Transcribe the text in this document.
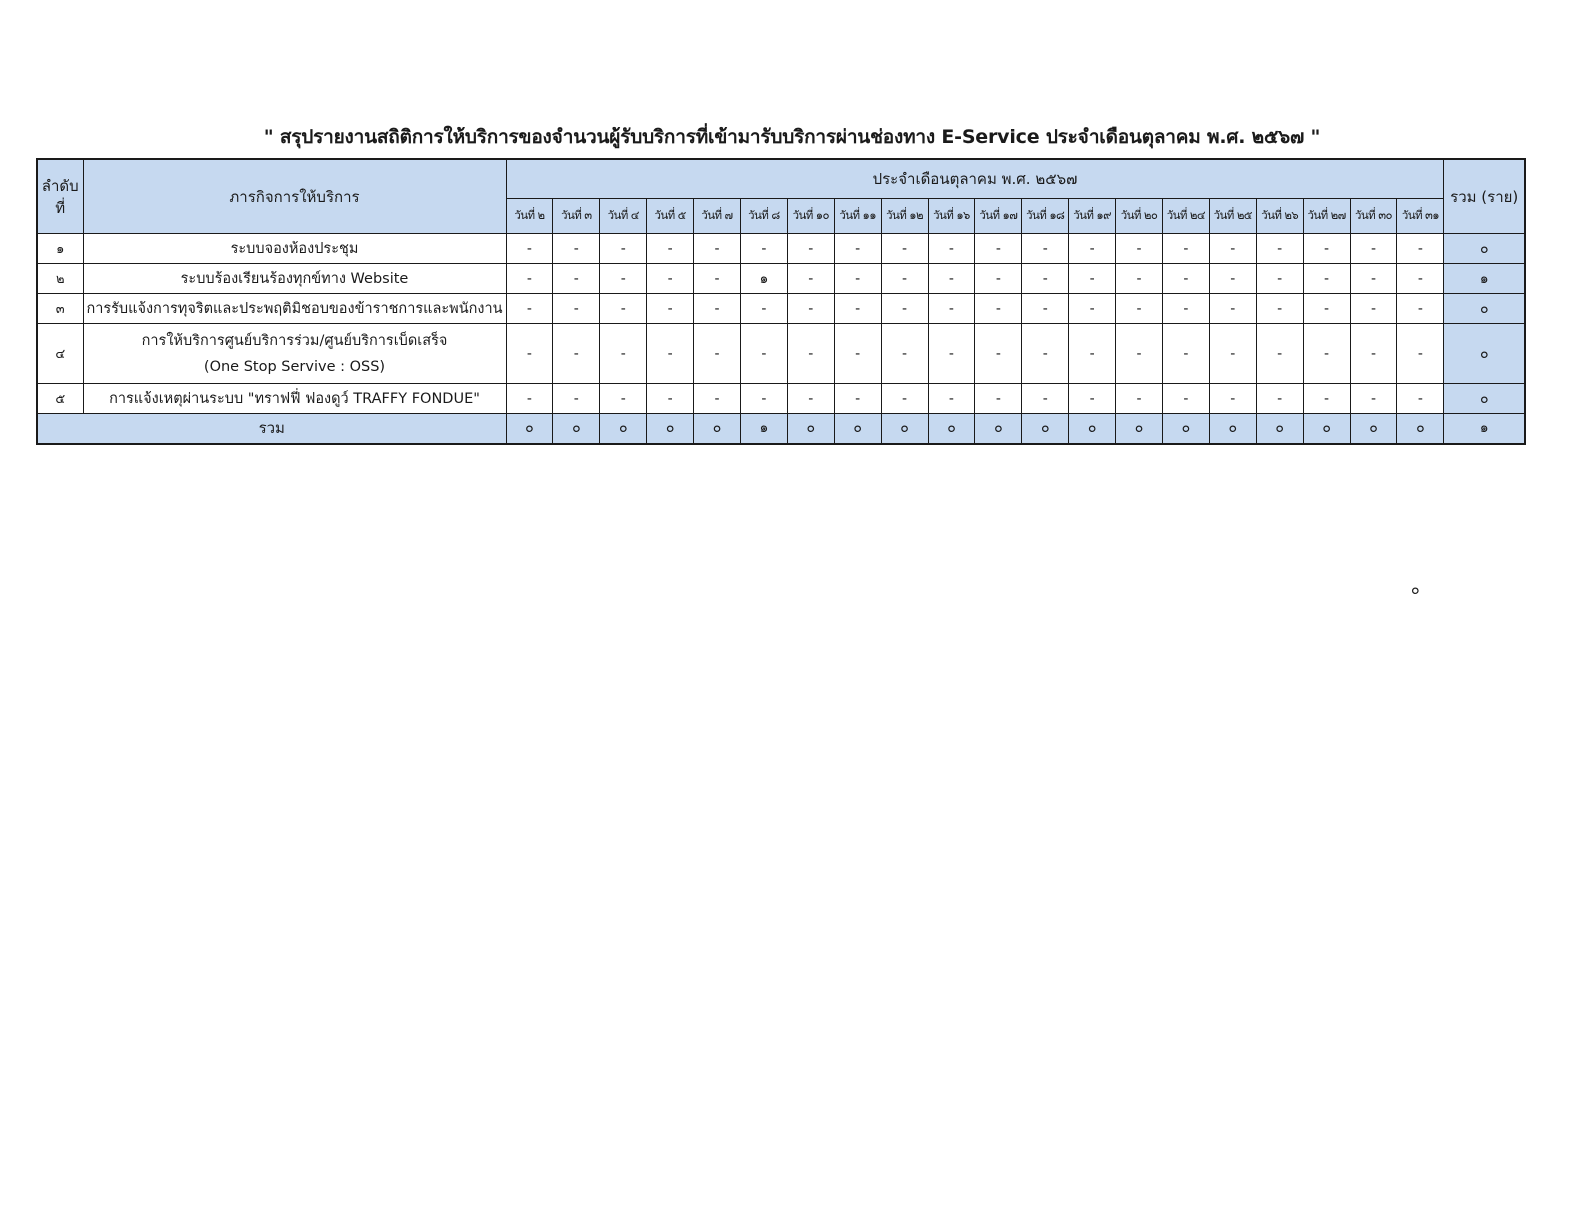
" สรุปรายงานสถิติการให้บริการของจำนวนผู้รับบริการที่เข้ามารับบริการผ่านช่องทาง E-Service ประจำเดือนตุลาคม พ.ศ. ๒๕๖๗ "
ลำดับ
ที่	ภารกิจการให้บริการ	ประจำเดือนตุลาคม พ.ศ. ๒๕๖๗																				รวม (ราย)
		วันที่ ๒	วันที่ ๓	วันที่ ๔	วันที่ ๕	วันที่ ๗	วันที่ ๘	วันที่ ๑๐	วันที่ ๑๑	วันที่ ๑๒	วันที่ ๑๖	วันที่ ๑๗	วันที่ ๑๘	วันที่ ๑๙	วันที่ ๒๐	วันที่ ๒๔	วันที่ ๒๕	วันที่ ๒๖	วันที่ ๒๗	วันที่ ๓๐	วันที่ ๓๑	
๑	ระบบจองห้องประชุม	-	-	-	-	-	-	-	-	-	-	-	-	-	-	-	-	-	-	-	-	๐
๒	ระบบร้องเรียนร้องทุกข์ทาง Website	-	-	-	-	-	๑	-	-	-	-	-	-	-	-	-	-	-	-	-	-	๑
๓	การรับแจ้งการทุจริตและประพฤติมิชอบของข้าราชการและพนักงาน	-	-	-	-	-	-	-	-	-	-	-	-	-	-	-	-	-	-	-	-	๐
๔	การให้บริการศูนย์บริการร่วม/ศูนย์บริการเบ็ดเสร็จ
(One Stop Servive : OSS)	-	-	-	-	-	-	-	-	-	-	-	-	-	-	-	-	-	-	-	-	๐
๕	การแจ้งเหตุผ่านระบบ "ทราฟฟี่ ฟองดูว์ TRAFFY FONDUE"	-	-	-	-	-	-	-	-	-	-	-	-	-	-	-	-	-	-	-	-	๐
รวม		๐	๐	๐	๐	๐	๑	๐	๐	๐	๐	๐	๐	๐	๐	๐	๐	๐	๐	๐	๐	๑
๐
